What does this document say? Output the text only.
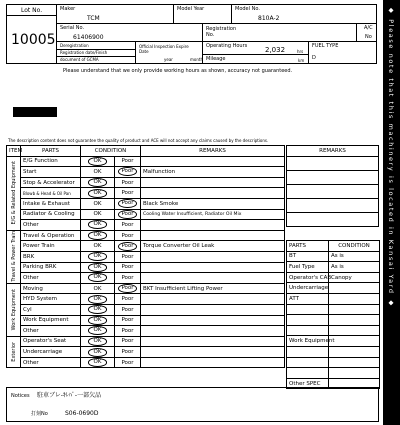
Lot No.
10005
Maker
TCM
Model Year	Model No.
810A-2
Serial No.
61406900
Registration No.
A/C
No
Deregistration
Registration date/Finish
document of GCMA
Official Inspection Expire Date
year	month
Operating Hours	2,032	hrs
Mileage	km
FUEL TYPE
D
Please understand that we only provide working hours as shown, accuracy not guaranteed.
KANSAI
The description content does not guarantee the quality of product and ACE will not accept any claims caused by the descriptions.
ITEM	PARTS	CONDITION		REMARKS

E/G & Related Equipment	E/G Function	OK	Poor	
	Start	OK	Poor	Malfunction
	Stop & Accelerator	OK	Poor	
	Blowb & Head & Oil Pan	OK	Poor	
	Intake & Exhaust	OK	Poor	Black Smoke
	Radiator & Cooling	OK	Poor	Cooling Water Insufficient, Radiator Oil Mix
	Other	OK	Poor	

Travel & Power Train	Travel & Operation	OK	Poor	
	Power Train	OK	Poor	Torque Converter Oil Leak
	BRK	OK	Poor	
	Parking BRK	OK	Poor	
	Other	OK	Poor	

Work Equipment	Moving	OK	Poor	BKT Insufficient Lifting Power
	HYD System	OK	Poor	
	Cyl	OK	Poor	
	Work Equipment	OK	Poor	
	Other	OK	Poor	

Exterior	Operator's Seat	OK	Poor	
	Undercarriage	OK	Poor	
	Other	OK	Poor	
REMARKS

PARTS	CONDITION
BT	As is
Fuel Type	As is
Operator's CAB	Canopy
Undercarriage	
ATT	

Work Equipment	

Other SPEC	
Notices 駐車ブレ-ｷﾚﾊﾞ-一部欠品
打刻No	S06-0690D
◆ Please note that this machinery is located in Kansai Yard ◆
